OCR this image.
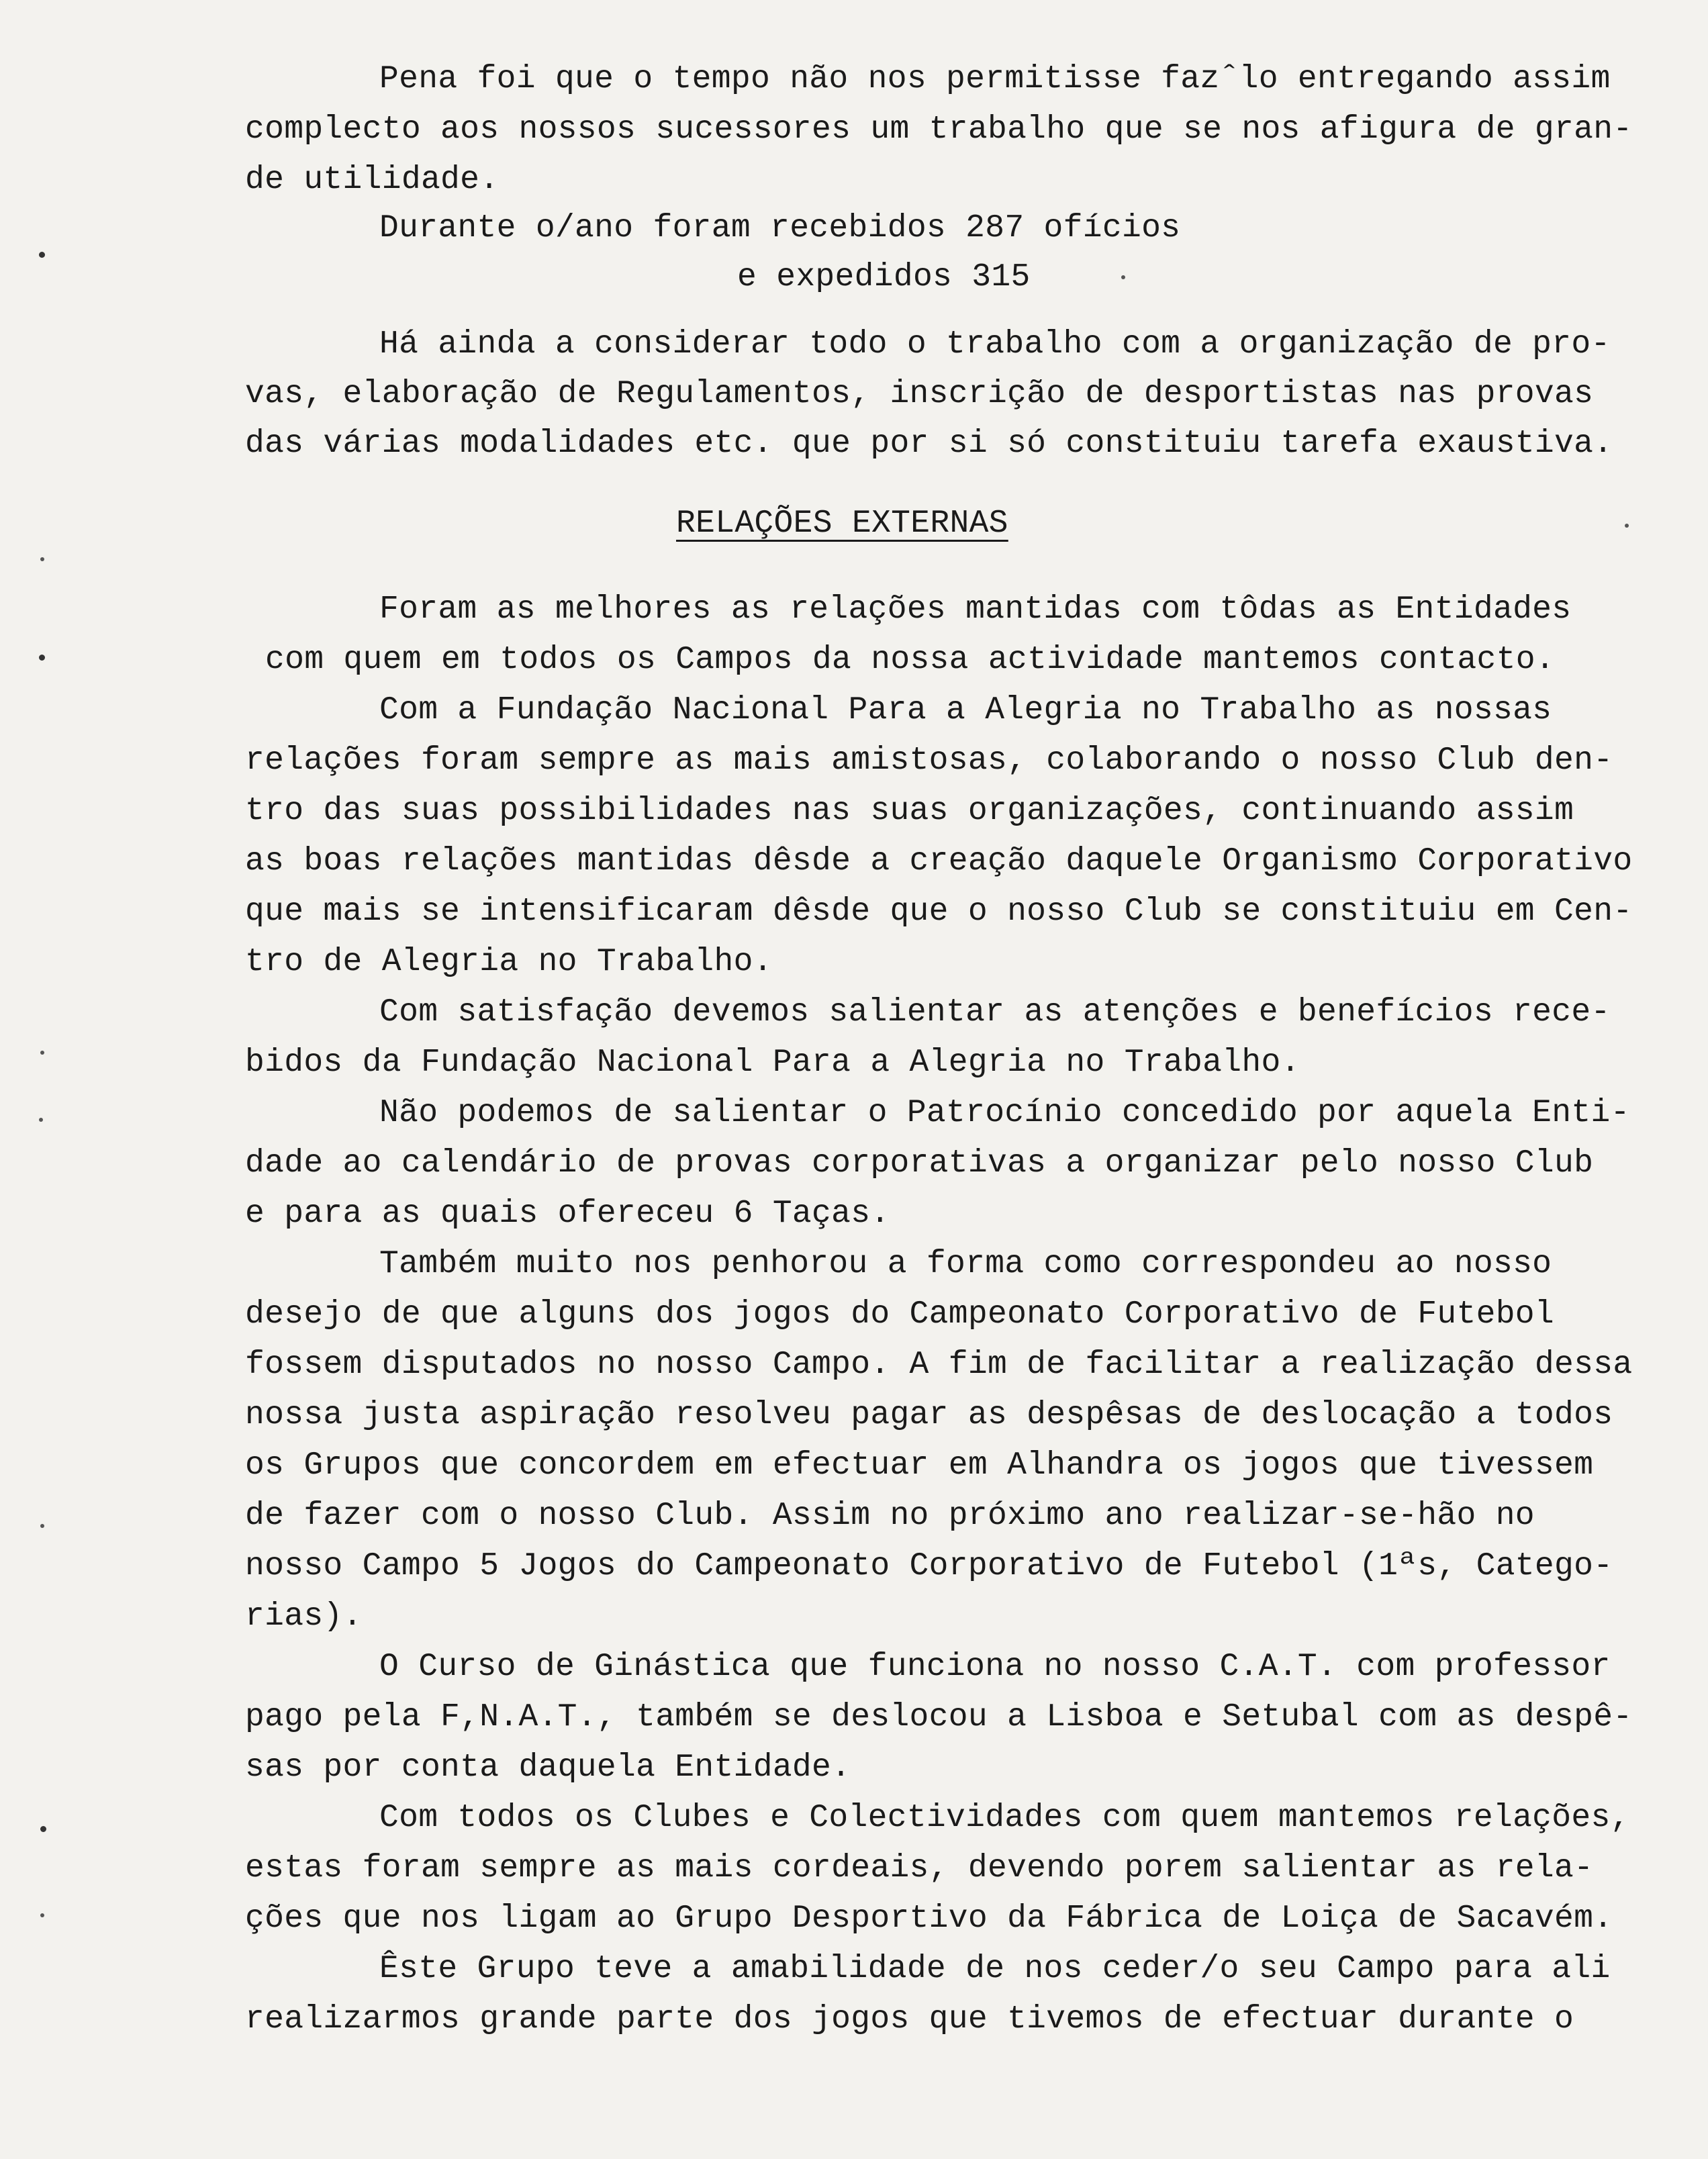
Pena foi que o tempo não nos permitisse fazˆlo entregando assim
complecto aos nossos sucessores um trabalho que se nos afigura de gran-
de utilidade.
Durante o/ano foram recebidos 287 ofícios
e expedidos 315
Há ainda a considerar todo o trabalho com a organização de pro-
vas, elaboração de Regulamentos, inscrição de desportistas nas provas
das várias modalidades etc. que por si só constituiu tarefa exaustiva.
RELAÇÕES EXTERNAS
Foram as melhores as relações mantidas com tôdas as Entidades
com quem em todos os Campos da nossa actividade mantemos contacto.
Com a Fundação Nacional Para a Alegria no Trabalho as nossas
relações foram sempre as mais amistosas, colaborando o nosso Club den-
tro das suas possibilidades nas suas organizações, continuando assim
as boas relações mantidas dêsde a creação daquele Organismo Corporativo
que mais se intensificaram dêsde que o nosso Club se constituiu em Cen-
tro de Alegria no Trabalho.
Com satisfação devemos salientar as atenções e benefícios rece-
bidos da Fundação Nacional Para a Alegria no Trabalho.
Não podemos de salientar o Patrocínio concedido por aquela Enti-
dade ao calendário de provas corporativas a organizar pelo nosso Club
e para as quais ofereceu 6 Taças.
Também muito nos penhorou a forma como correspondeu ao nosso
desejo de que alguns dos jogos do Campeonato Corporativo de Futebol
fossem disputados no nosso Campo. A fim de facilitar a realização dessa
nossa justa aspiração resolveu pagar as despêsas de deslocação a todos
os Grupos que concordem em efectuar em Alhandra os jogos que tivessem
de fazer com o nosso Club. Assim no próximo ano realizar-se-hão no
nosso Campo 5 Jogos do Campeonato Corporativo de Futebol (1ªs, Catego-
rias).
O Curso de Ginástica que funciona no nosso C.A.T. com professor
pago pela F,N.A.T., também se deslocou a Lisboa e Setubal com as despê-
sas por conta daquela Entidade.
Com todos os Clubes e Colectividades com quem mantemos relações,
estas foram sempre as mais cordeais, devendo porem salientar as rela-
ções que nos ligam ao Grupo Desportivo da Fábrica de Loiça de Sacavém.
Êste Grupo teve a amabilidade de nos ceder/o seu Campo para ali
realizarmos grande parte dos jogos que tivemos de efectuar durante o
